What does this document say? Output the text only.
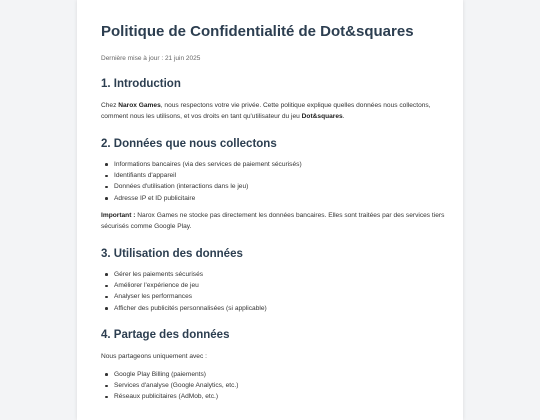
Politique de Confidentialité de Dot&squares

Dernière mise à jour : 21 juin 2025

1. Introduction

Chez Narox Games, nous respectons votre vie privée. Cette politique explique quelles données nous collectons, comment nous les utilisons, et vos droits en tant qu'utilisateur du jeu Dot&squares.

2. Données que nous collectons
Informations bancaires (via des services de paiement sécurisés)
Identifiants d'appareil
Données d'utilisation (interactions dans le jeu)
Adresse IP et ID publicitaire

Important : Narox Games ne stocke pas directement les données bancaires. Elles sont traitées par des services tiers sécurisés comme Google Play.

3. Utilisation des données
Gérer les paiements sécurisés
Améliorer l'expérience de jeu
Analyser les performances
Afficher des publicités personnalisées (si applicable)
4. Partage des données

Nous partageons uniquement avec :

Google Play Billing (paiements)
Services d'analyse (Google Analytics, etc.)
Réseaux publicitaires (AdMob, etc.)
